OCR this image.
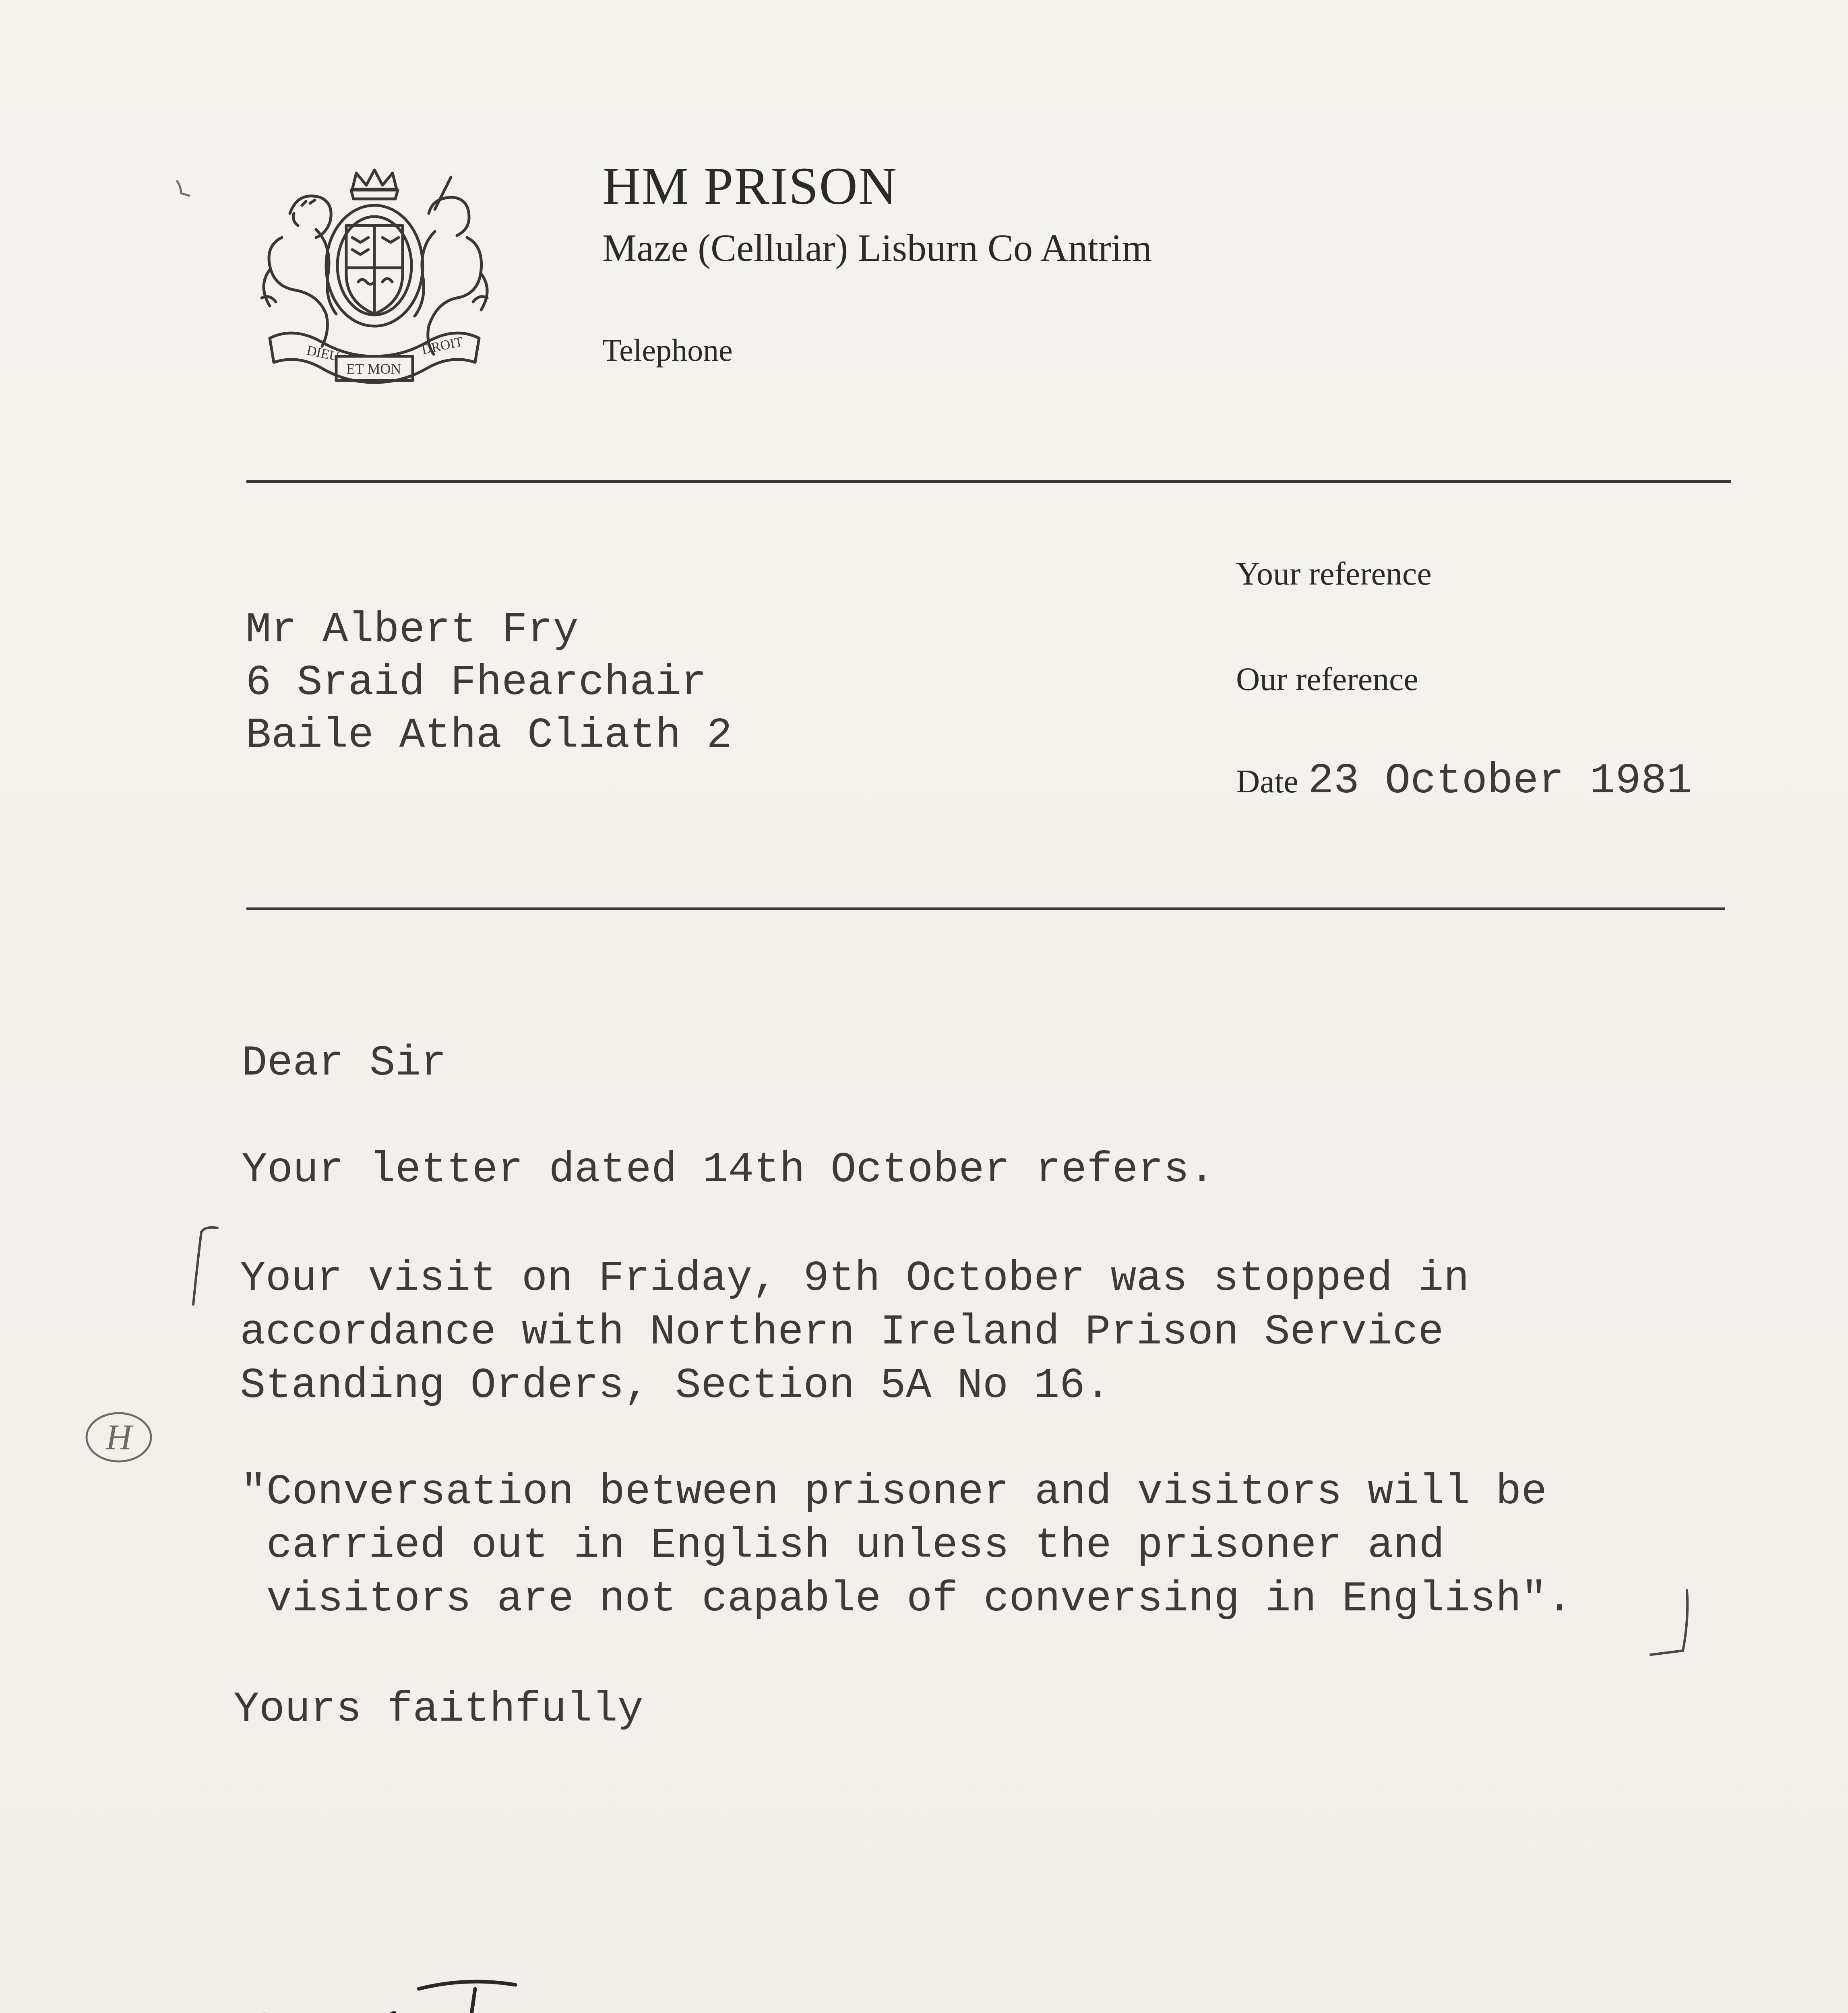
DIEU
ET MON
DROIT
HM PRISON
Maze (Cellular) Lisburn Co Antrim
Telephone
Your reference
Our reference
Date 23 October 1981
Mr Albert Fry
6 Sraid Fhearchair
Baile Atha Cliath 2
Dear Sir
Your letter dated 14th October refers.
Your visit on Friday, 9th October was stopped in
accordance with Northern Ireland Prison Service
Standing Orders, Section 5A No 16.
"Conversation between prisoner and visitors will be
carried out in English unless the prisoner and
visitors are not capable of conversing in English".
Yours faithfully
H
